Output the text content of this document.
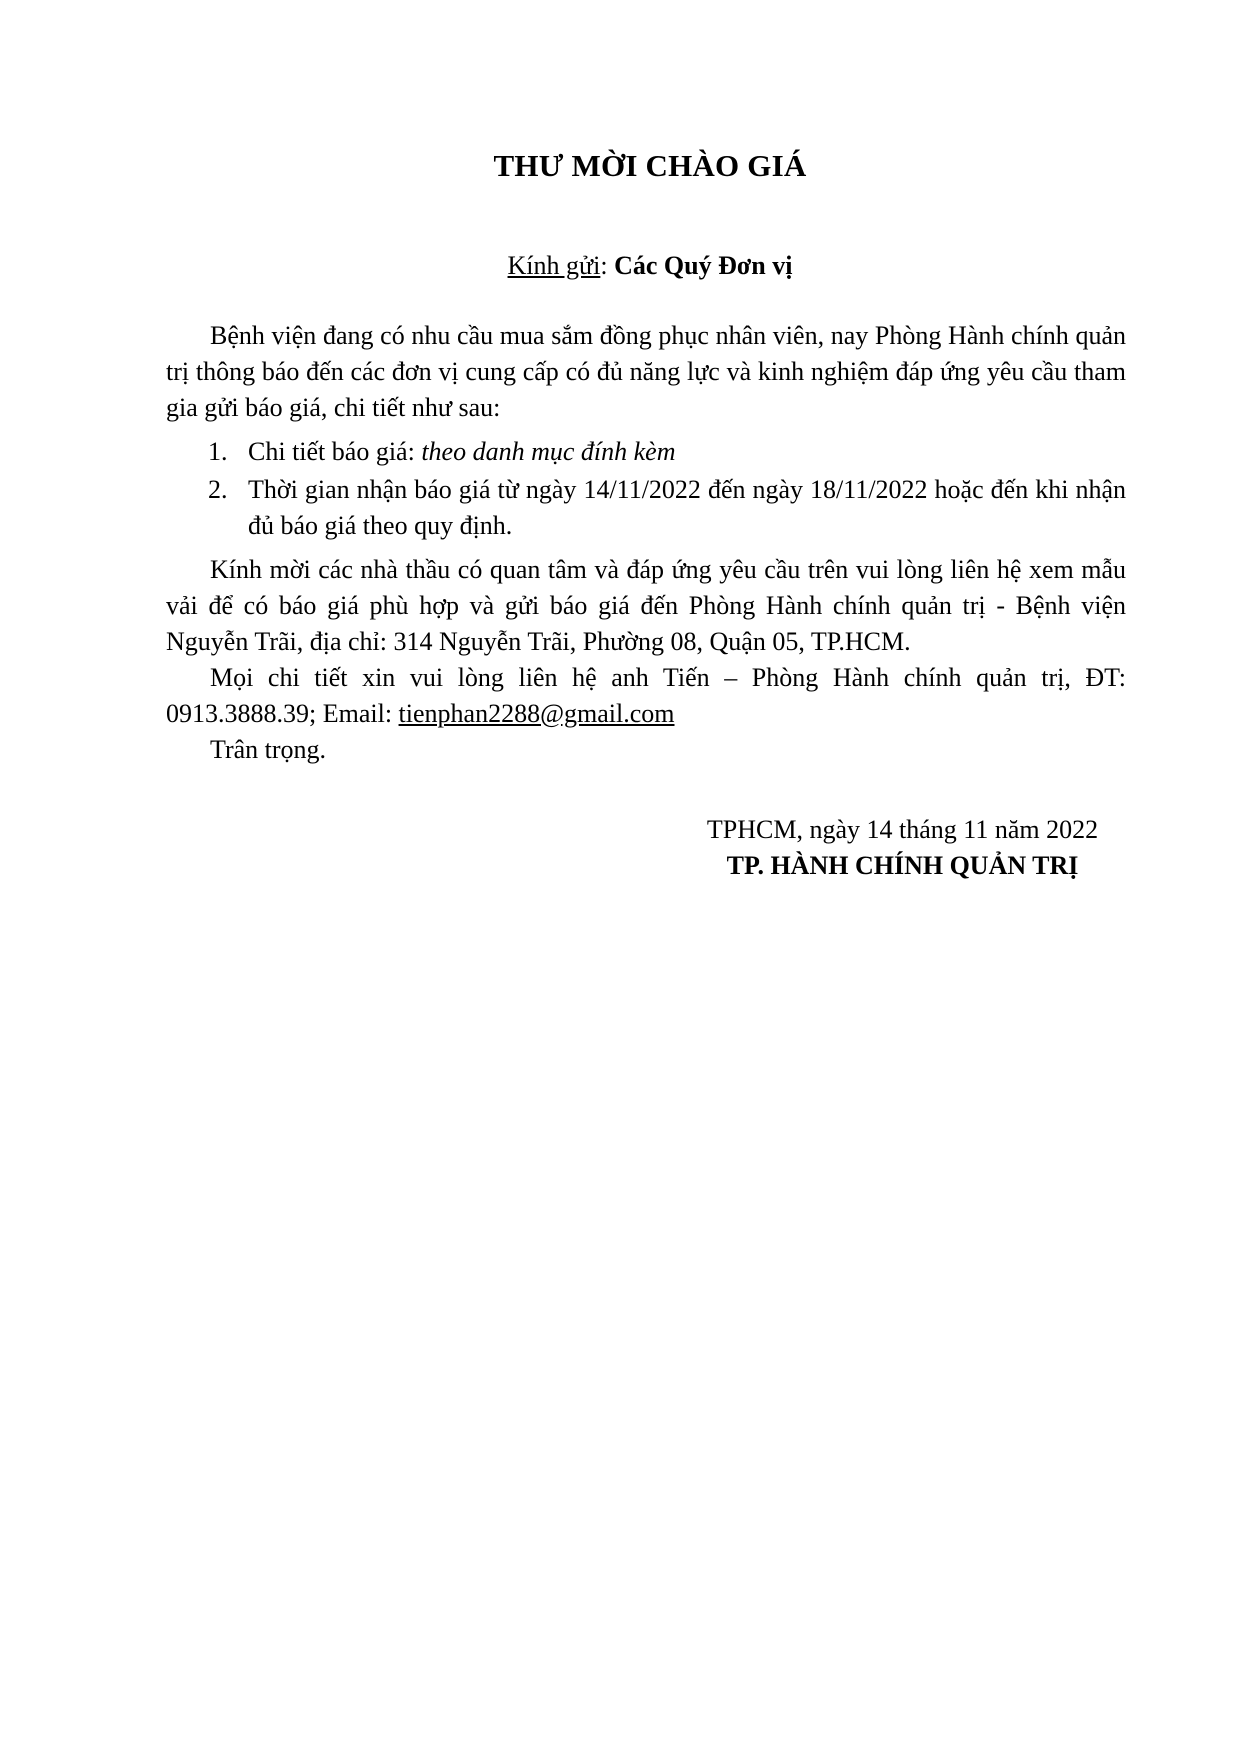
THƯ MỜI CHÀO GIÁ
Kính gửi: Các Quý Đơn vị

Bệnh viện đang có nhu cầu mua sắm đồng phục nhân viên, nay Phòng Hành chính quản trị thông báo đến các đơn vị cung cấp có đủ năng lực và kinh nghiệm đáp ứng yêu cầu tham gia gửi báo giá, chi tiết như sau:

1. Chi tiết báo giá: theo danh mục đính kèm
2. Thời gian nhận báo giá từ ngày 14/11/2022 đến ngày 18/11/2022 hoặc đến khi nhận đủ báo giá theo quy định.

Kính mời các nhà thầu có quan tâm và đáp ứng yêu cầu trên vui lòng liên hệ xem mẫu vải để có báo giá phù hợp và gửi báo giá đến Phòng Hành chính quản trị - Bệnh viện Nguyễn Trãi, địa chỉ: 314 Nguyễn Trãi, Phường 08, Quận 05, TP.HCM.

Mọi chi tiết xin vui lòng liên hệ anh Tiến – Phòng Hành chính quản trị, ĐT: 0913.3888.39; Email: tienphan2288@gmail.com

Trân trọng.

TPHCM, ngày 14 tháng 11 năm 2022
TP. HÀNH CHÍNH QUẢN TRỊ
